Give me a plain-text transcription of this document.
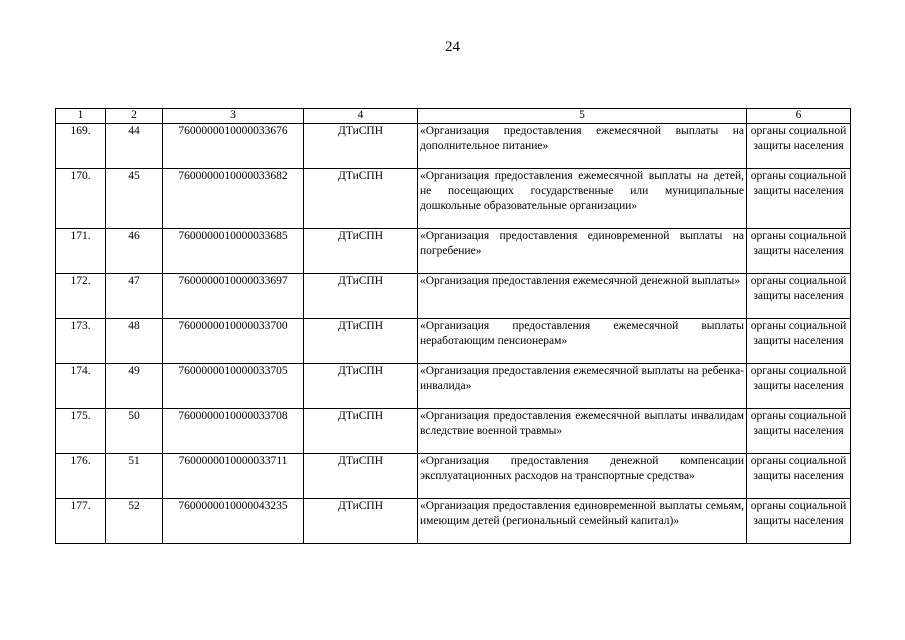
24
1	2	3	4	5	6
169.	44	7600000010000033676	ДТиСПН	«Организация предоставления ежемесячной выплаты на дополнительное питание»	органы социальной защиты населения
170.	45	7600000010000033682	ДТиСПН	«Организация предоставления ежемесячной выплаты на детей, не посещающих государственные или муниципальные дошкольные образовательные организации»	органы социальной защиты населения
171.	46	7600000010000033685	ДТиСПН	«Организация предоставления единовременной выплаты на погребение»	органы социальной защиты населения
172.	47	7600000010000033697	ДТиСПН	«Организация предоставления ежемесячной денежной выплаты»	органы социальной защиты населения
173.	48	7600000010000033700	ДТиСПН	«Организация предоставления ежемесячной выплаты неработающим пенсионерам»	органы социальной защиты населения
174.	49	7600000010000033705	ДТиСПН	«Организация предоставления ежемесячной выплаты на ребенка-инвалида»	органы социальной защиты населения
175.	50	7600000010000033708	ДТиСПН	«Организация предоставления ежемесячной выплаты инвалидам вследствие военной травмы»	органы социальной защиты населения
176.	51	7600000010000033711	ДТиСПН	«Организация предоставления денежной компенсации эксплуатационных расходов на транспортные средства»	органы социальной защиты населения
177.	52	7600000010000043235	ДТиСПН	«Организация предоставления единовременной выплаты семьям, имеющим детей (региональный семейный капитал)»	органы социальной защиты населения
